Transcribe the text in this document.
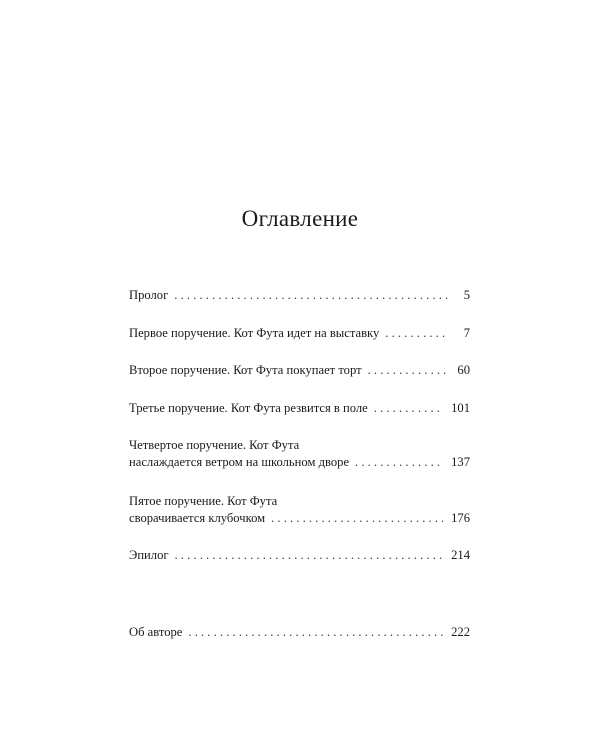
Оглавление
Пролог . . .	5
Первое поручение. Кот Фута идет на выставку . . .	7
Второе поручение. Кот Фута покупает торт . . .	60
Третье поручение. Кот Фута резвится в поле . . .	101
Четвертое поручение. Кот Фута
наслаждается ветром на школьном дворе . . .	137
Пятое поручение. Кот Фута
сворачивается клубочком . . .	176
Эпилог . . .	214
Об авторе . . .	222
